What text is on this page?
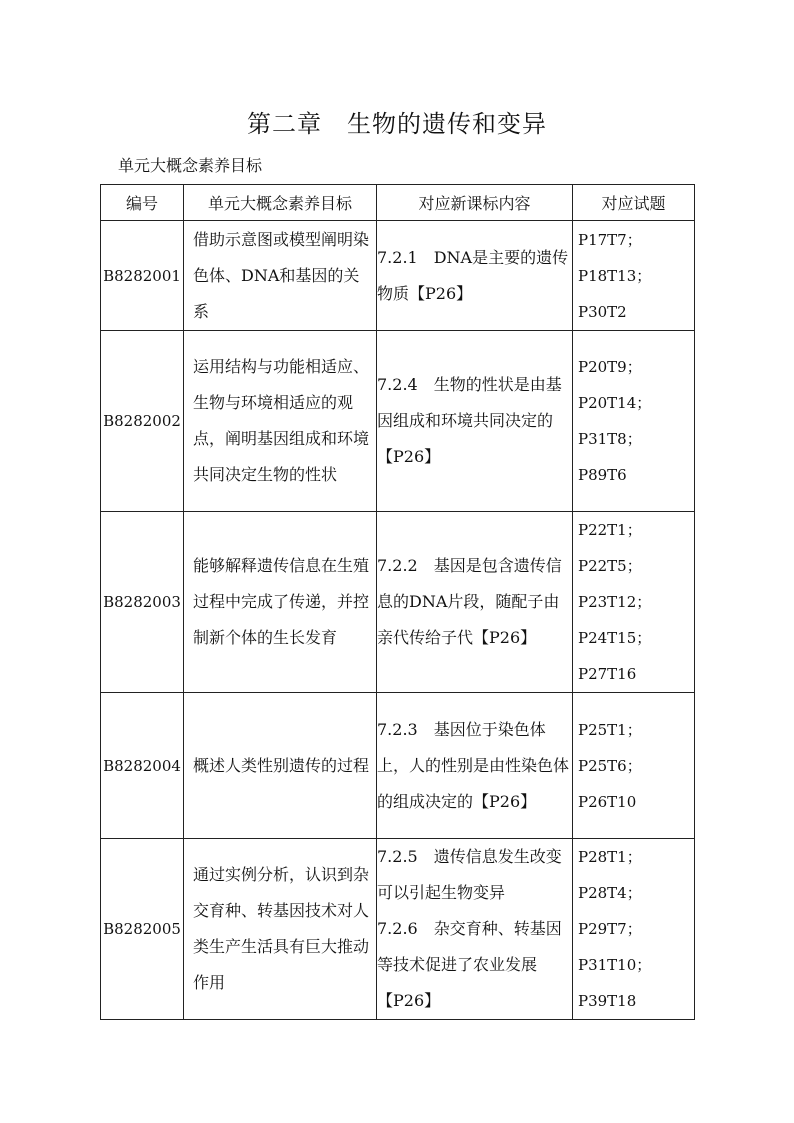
第二章　生物的遗传和变异
单元大概念素养目标
编号	单元大概念素养目标	对应新课标内容	对应试题
B8282001	借助示意图或模型阐明染色体、DNA和基因的关系	7.2.1　DNA是主要的遗传物质【P26】	P17T7；
P18T13；
P30T2

B8282002	运用结构与功能相适应、生物与环境相适应的观点，阐明基因组成和环境共同决定生物的性状	7.2.4　生物的性状是由基因组成和环境共同决定的【P26】	P20T9；
P20T14；
P31T8；
P89T6

B8282003	能够解释遗传信息在生殖过程中完成了传递，并控制新个体的生长发育	7.2.2　基因是包含遗传信息的DNA片段，随配子由亲代传给子代【P26】	P22T1；
P22T5；
P23T12；
P24T15；
P27T16

B8282004	概述人类性别遗传的过程	7.2.3　基因位于染色体上，人的性别是由性染色体的组成决定的【P26】	P25T1；
P25T6；
P26T10

B8282005	通过实例分析，认识到杂交育种、转基因技术对人类生产生活具有巨大推动作用	7.2.5　遗传信息发生改变可以引起生物变异
7.2.6　杂交育种、转基因等技术促进了农业发展【P26】	P28T1；
P28T4；
P29T7；
P31T10；
P39T18
